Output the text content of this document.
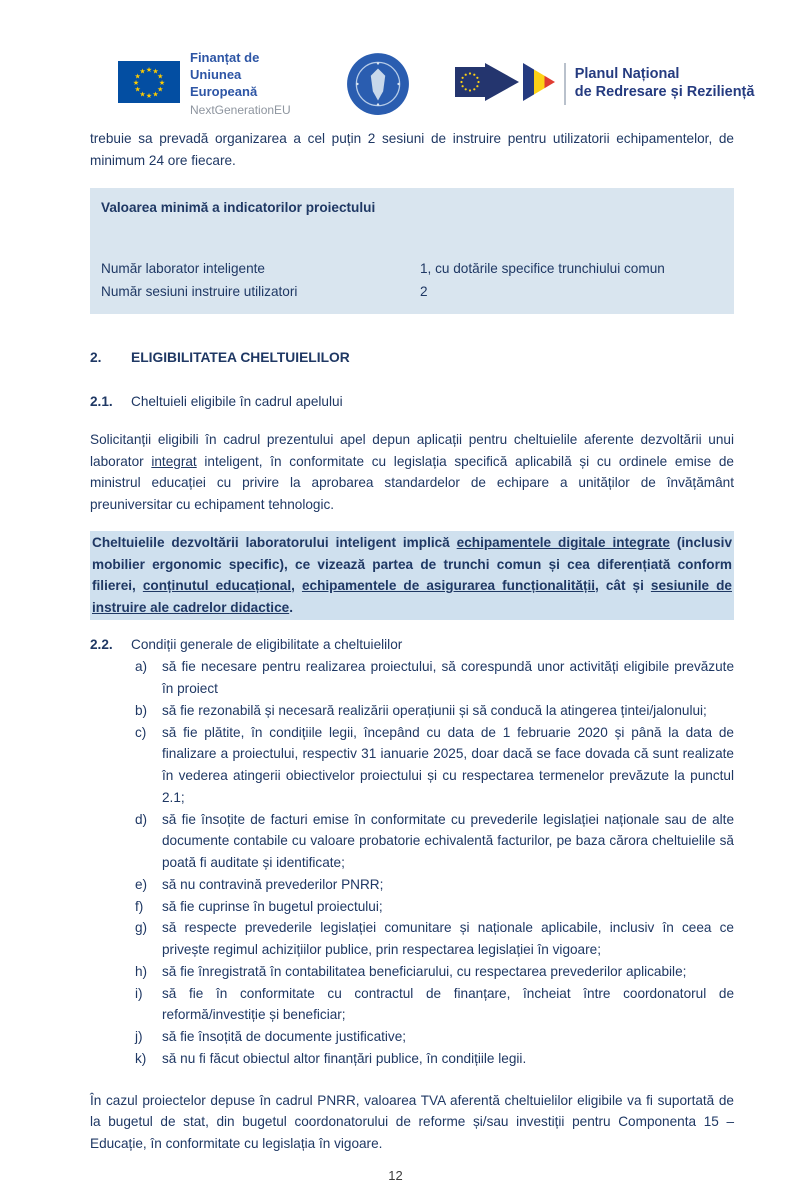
★ ★
★
★
★
★
★
★
★
★
★
★
Finanțat de
Uniunea Europeană
NextGenerationEU
Planul Național
de Redresare și Reziliență

trebuie sa prevadă organizarea a cel puțin 2 sesiuni de instruire pentru utilizatorii echipamentelor, de minimum 24 ore fiecare.

Valoarea minimă a indicatorilor proiectului
Număr laborator inteligente	1, cu dotările specifice trunchiului comun
Număr sesiuni instruire utilizatori	2
2.	ELIGIBILITATEA CHELTUIELILOR
2.1.	Cheltuieli eligibile în cadrul apelului

Solicitanții eligibili în cadrul prezentului apel depun aplicații pentru cheltuielile aferente dezvoltării unui laborator integrat inteligent, în conformitate cu legislația specifică aplicabilă și cu ordinele emise de ministrul educației cu privire la aprobarea standardelor de echipare a unităților de învățământ preuniversitar cu echipament tehnologic.

Cheltuielile dezvoltării laboratorului inteligent implică echipamentele digitale integrate (inclusiv mobilier ergonomic specific), ce vizează partea de trunchi comun și cea diferențiată conform filierei, conținutul educațional, echipamentele de asigurarea funcționalității, cât și sesiunile de instruire ale cadrelor didactice.

2.2.	Condiții generale de eligibilitate a cheltuielilor
a)	să fie necesare pentru realizarea proiectului, să corespundă unor activități eligibile prevăzute în proiect
b)	să fie rezonabilă și necesară realizării operațiunii și să conducă la atingerea țintei/jalonului;
c)	să fie plătite, în condițiile legii, începând cu data de 1 februarie 2020 și până la data de finalizare a proiectului, respectiv 31 ianuarie 2025, doar dacă se face dovada că sunt realizate în vederea atingerii obiectivelor proiectului și cu respectarea termenelor prevăzute la punctul 2.1;
d)	să fie însoțite de facturi emise în conformitate cu prevederile legislației naționale sau de alte documente contabile cu valoare probatorie echivalentă facturilor, pe baza cărora cheltuielile să poată fi auditate și identificate;
e)	să nu contravină prevederilor PNRR;
f)	să fie cuprinse în bugetul proiectului;
g)	să respecte prevederile legislației comunitare și naționale aplicabile, inclusiv în ceea ce privește regimul achizițiilor publice, prin respectarea legislației în vigoare;
h)	să fie înregistrată în contabilitatea beneficiarului, cu respectarea prevederilor aplicabile;
i)	să fie în conformitate cu contractul de finanțare, încheiat între coordonatorul de reformă/investiție și beneficiar;
j)	să fie însoțită de documente justificative;
k)	să nu fi făcut obiectul altor finanțări publice, în condițiile legii.

În cazul proiectelor depuse în cadrul PNRR, valoarea TVA aferentă cheltuielilor eligibile va fi suportată de la bugetul de stat, din bugetul coordonatorului de reforme și/sau investiții pentru Componenta 15 – Educație, în conformitate cu legislația în vigoare.

12
